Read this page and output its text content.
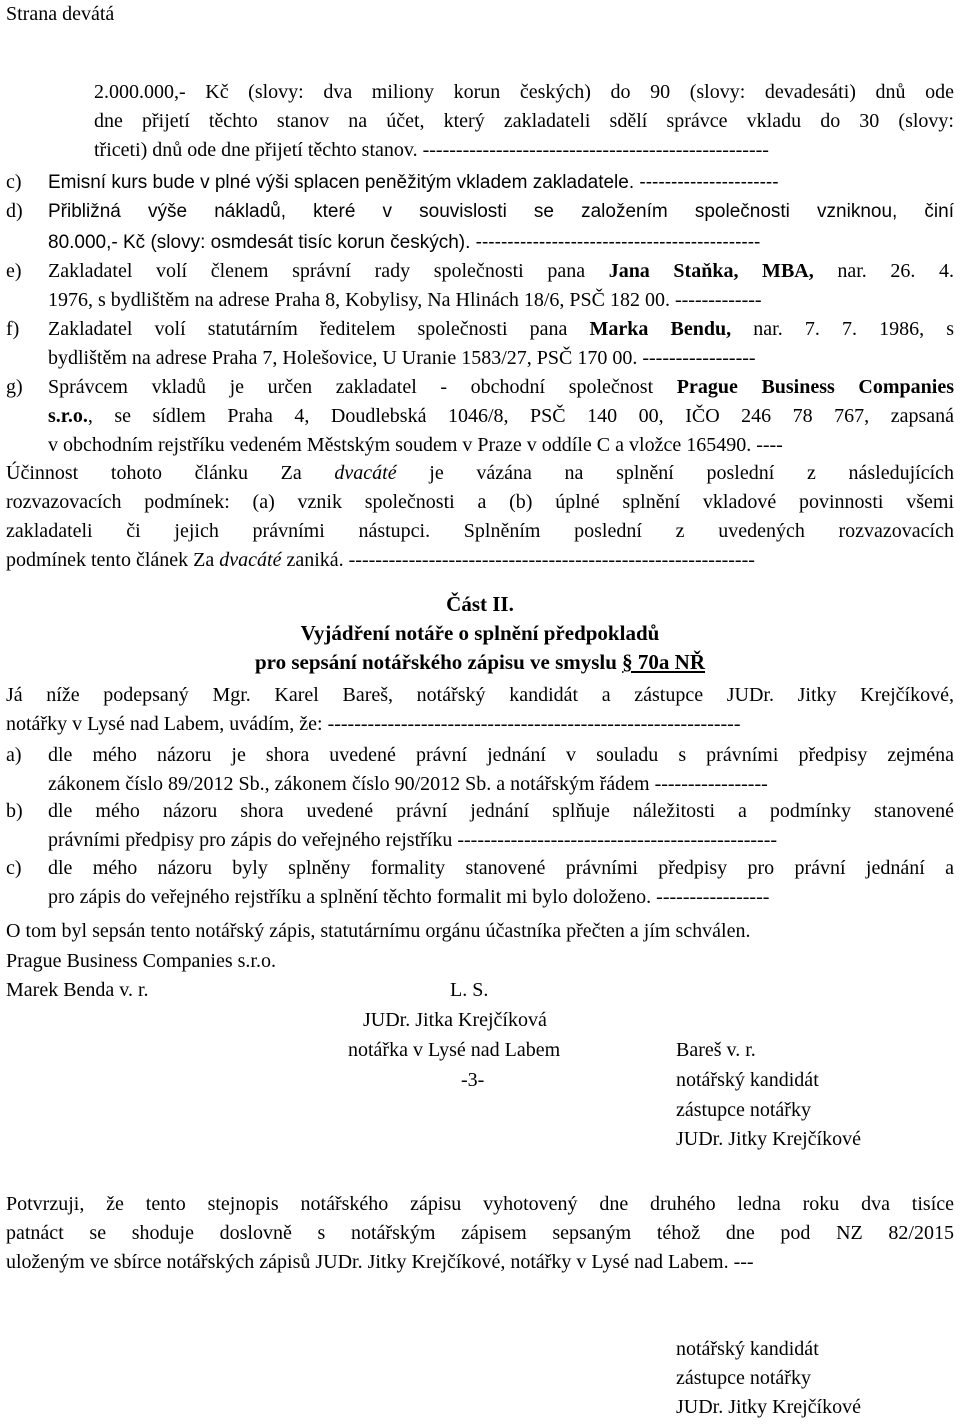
Strana devátá
2.000.000,- Kč (slovy: dva miliony korun českých) do 90 (slovy: devadesáti) dnů ode
dne přijetí těchto stanov na účet, který zakladateli sdělí správce vkladu do 30 (slovy:
třiceti) dnů ode dne přijetí těchto stanov. ----------------------------------------------------
c) Emisní kurs bude v plné výši splacen peněžitým vkladem zakladatele. ----------------------
d) Přibližná výše nákladů, které v souvislosti se založením společnosti vzniknou, činí
80.000,- Kč (slovy: osmdesát tisíc korun českých). ---------------------------------------------
e) Zakladatel volí členem správní rady společnosti pana Jana Staňka, MBA, nar. 26. 4.
1976, s bydlištěm na adrese Praha 8, Kobylisy, Na Hlinách 18/6, PSČ 182 00. -------------
f) Zakladatel volí statutárním ředitelem společnosti pana Marka Bendu, nar. 7. 7. 1986, s
bydlištěm na adrese Praha 7, Holešovice, U Uranie 1583/27, PSČ 170 00. -----------------
g) Správcem vkladů je určen zakladatel - obchodní společnost Prague Business Companies
s.r.o., se sídlem Praha 4, Doudlebská 1046/8, PSČ 140 00, IČO 246 78 767, zapsaná
v obchodním rejstříku vedeném Městským soudem v Praze v oddíle C a vložce 165490. ----
Účinnost tohoto článku Za dvacáté je vázána na splnění poslední z následujících
rozvazovacích podmínek: (a) vznik společnosti a (b) úplné splnění vkladové povinnosti všemi
zakladateli či jejich právními nástupci. Splněním poslední z uvedených rozvazovacích
podmínek tento článek Za dvacáté zaniká. -------------------------------------------------------------
Část II.
Vyjádření notáře o splnění předpokladů
pro sepsání notářského zápisu ve smyslu § 70a NŘ
Já níže podepsaný Mgr. Karel Bareš, notářský kandidát a zástupce JUDr. Jitky Krejčíkové,
notářky v Lysé nad Labem, uvádím, že: --------------------------------------------------------------
a) dle mého názoru je shora uvedené právní jednání v souladu s právními předpisy zejména
zákonem číslo 89/2012 Sb., zákonem číslo 90/2012 Sb. a notářským řádem -----------------
b) dle mého názoru shora uvedené právní jednání splňuje náležitosti a podmínky stanovené
právními předpisy pro zápis do veřejného rejstříku ------------------------------------------------
c) dle mého názoru byly splněny formality stanovené právními předpisy pro právní jednání a
pro zápis do veřejného rejstříku a splnění těchto formalit mi bylo doloženo. -----------------
O tom byl sepsán tento notářský zápis, statutárnímu orgánu účastníka přečten a jím schválen.
Prague Business Companies s.r.o.
Marek Benda v. r.	L. S.
JUDr. Jitka Krejčíková
notářka v Lysé nad Labem
-3-
Bareš v. r.
notářský kandidát
zástupce notářky
JUDr. Jitky Krejčíkové
Potvrzuji, že tento stejnopis notářského zápisu vyhotovený dne druhého ledna roku dva tisíce
patnáct se shoduje doslovně s notářským zápisem sepsaným téhož dne pod NZ 82/2015
uloženým ve sbírce notářských zápisů JUDr. Jitky Krejčíkové, notářky v Lysé nad Labem. ---
notářský kandidát
zástupce notářky
JUDr. Jitky Krejčíkové
